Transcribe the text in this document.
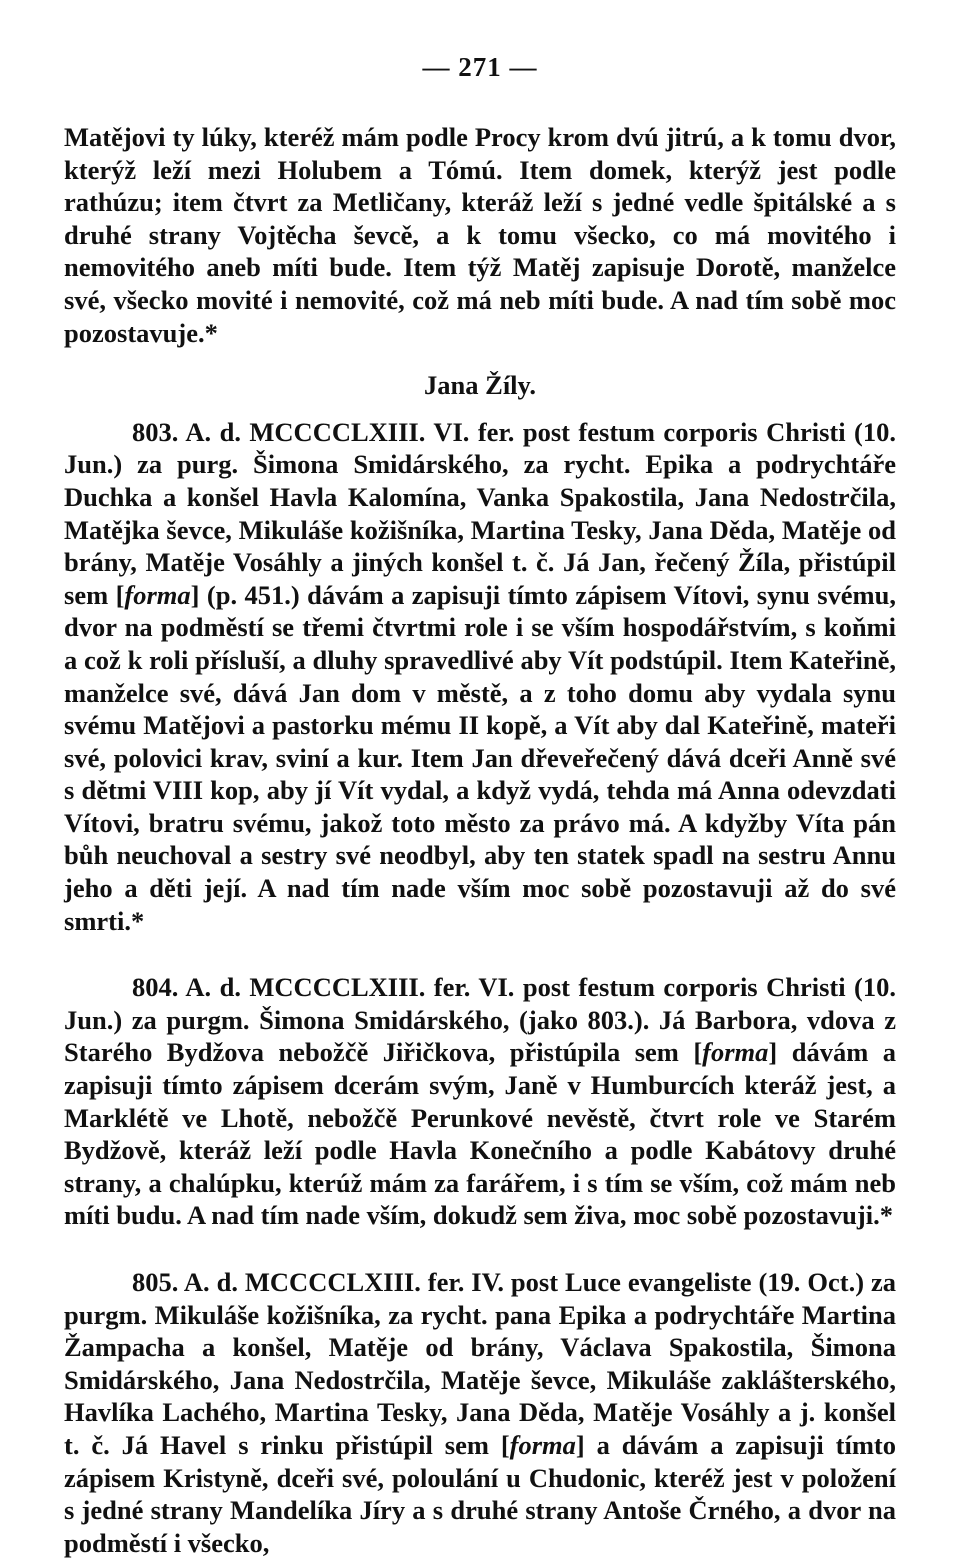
— 271 —

Matějovi ty lúky, kteréž mám podle Procy krom dvú jitrú, a k tomu dvor, kterýž leží mezi Holubem a Tómú. Item domek, kterýž jest podle rathúzu; item čtvrt za Metličany, kteráž leží s jedné vedle špitálské a s druhé strany Vojtěcha ševcě, a k tomu všecko, co má movitého i nemovitého aneb míti bude. Item týž Matěj zapisuje Dorotě, manželce své, všecko movité i nemovité, což má neb míti bude. A nad tím sobě moc pozostavuje.*

Jana Žíly.

803. A. d. MCCCCLXIII. VI. fer. post festum corporis Christi (10. Jun.) za purg. Šimona Smidárského, za rycht. Epika a podrychtáře Duchka a konšel Havla Kalomína, Vanka Spakostila, Jana Nedostrčila, Matějka ševce, Mikuláše kožišníka, Martina Tesky, Jana Děda, Matěje od brány, Matěje Vosáhly a jiných konšel t. č. Já Jan, řečený Žíla, přistúpil sem [forma] (p. 451.) dávám a zapisuji tímto zápisem Vítovi, synu svému, dvor na podměstí se třemi čtvrtmi role i se vším hospodářstvím, s koňmi a což k roli přísluší, a dluhy spravedlivé aby Vít podstúpil. Item Kateřině, manželce své, dává Jan dom v městě, a z toho domu aby vydala synu svému Matějovi a pastorku mému II kopě, a Vít aby dal Kateřině, mateři své, polovici krav, sviní a kur. Item Jan dřeveřečený dává dceři Anně své s dětmi VIII kop, aby jí Vít vydal, a když vydá, tehda má Anna odevzdati Vítovi, bratru svému, jakož toto město za právo má. A kdyžby Víta pán bůh neuchoval a sestry své neodbyl, aby ten statek spadl na sestru Annu jeho a děti její. A nad tím nade vším moc sobě pozostavuji až do své smrti.*

804. A. d. MCCCCLXIII. fer. VI. post festum corporis Christi (10. Jun.) za purgm. Šimona Smidárského, (jako 803.). Já Barbora, vdova z Starého Bydžova nebožčě Jiřičkova, přistúpila sem [forma] dávám a zapisuji tímto zápisem dcerám svým, Janě v Humburcích kteráž jest, a Marklétě ve Lhotě, nebožčě Perunkové nevěstě, čtvrt role ve Starém Bydžově, kteráž leží podle Havla Konečního a podle Kabátovy druhé strany, a chalúpku, kterúž mám za farářem, i s tím se vším, což mám neb míti budu. A nad tím nade vším, dokudž sem živa, moc sobě pozostavuji.*

805. A. d. MCCCCLXIII. fer. IV. post Luce evangeliste (19. Oct.) za purgm. Mikuláše kožišníka, za rycht. pana Epika a podrychtáře Martina Žampacha a konšel, Matěje od brány, Václava Spakostila, Šimona Smidárského, Jana Nedostrčila, Matěje ševce, Mikuláše zaklášterského, Havlíka Lachého, Martina Tesky, Jana Děda, Matěje Vosáhly a j. konšel t. č. Já Havel s rinku přistúpil sem [forma] a dávám a zapisuji tímto zápisem Kristyně, dceři své, poloulání u Chudonic, kteréž jest v položení s jedné strany Mandelíka Jíry a s druhé strany Antoše Črného, a dvor na podměstí i všecko,
